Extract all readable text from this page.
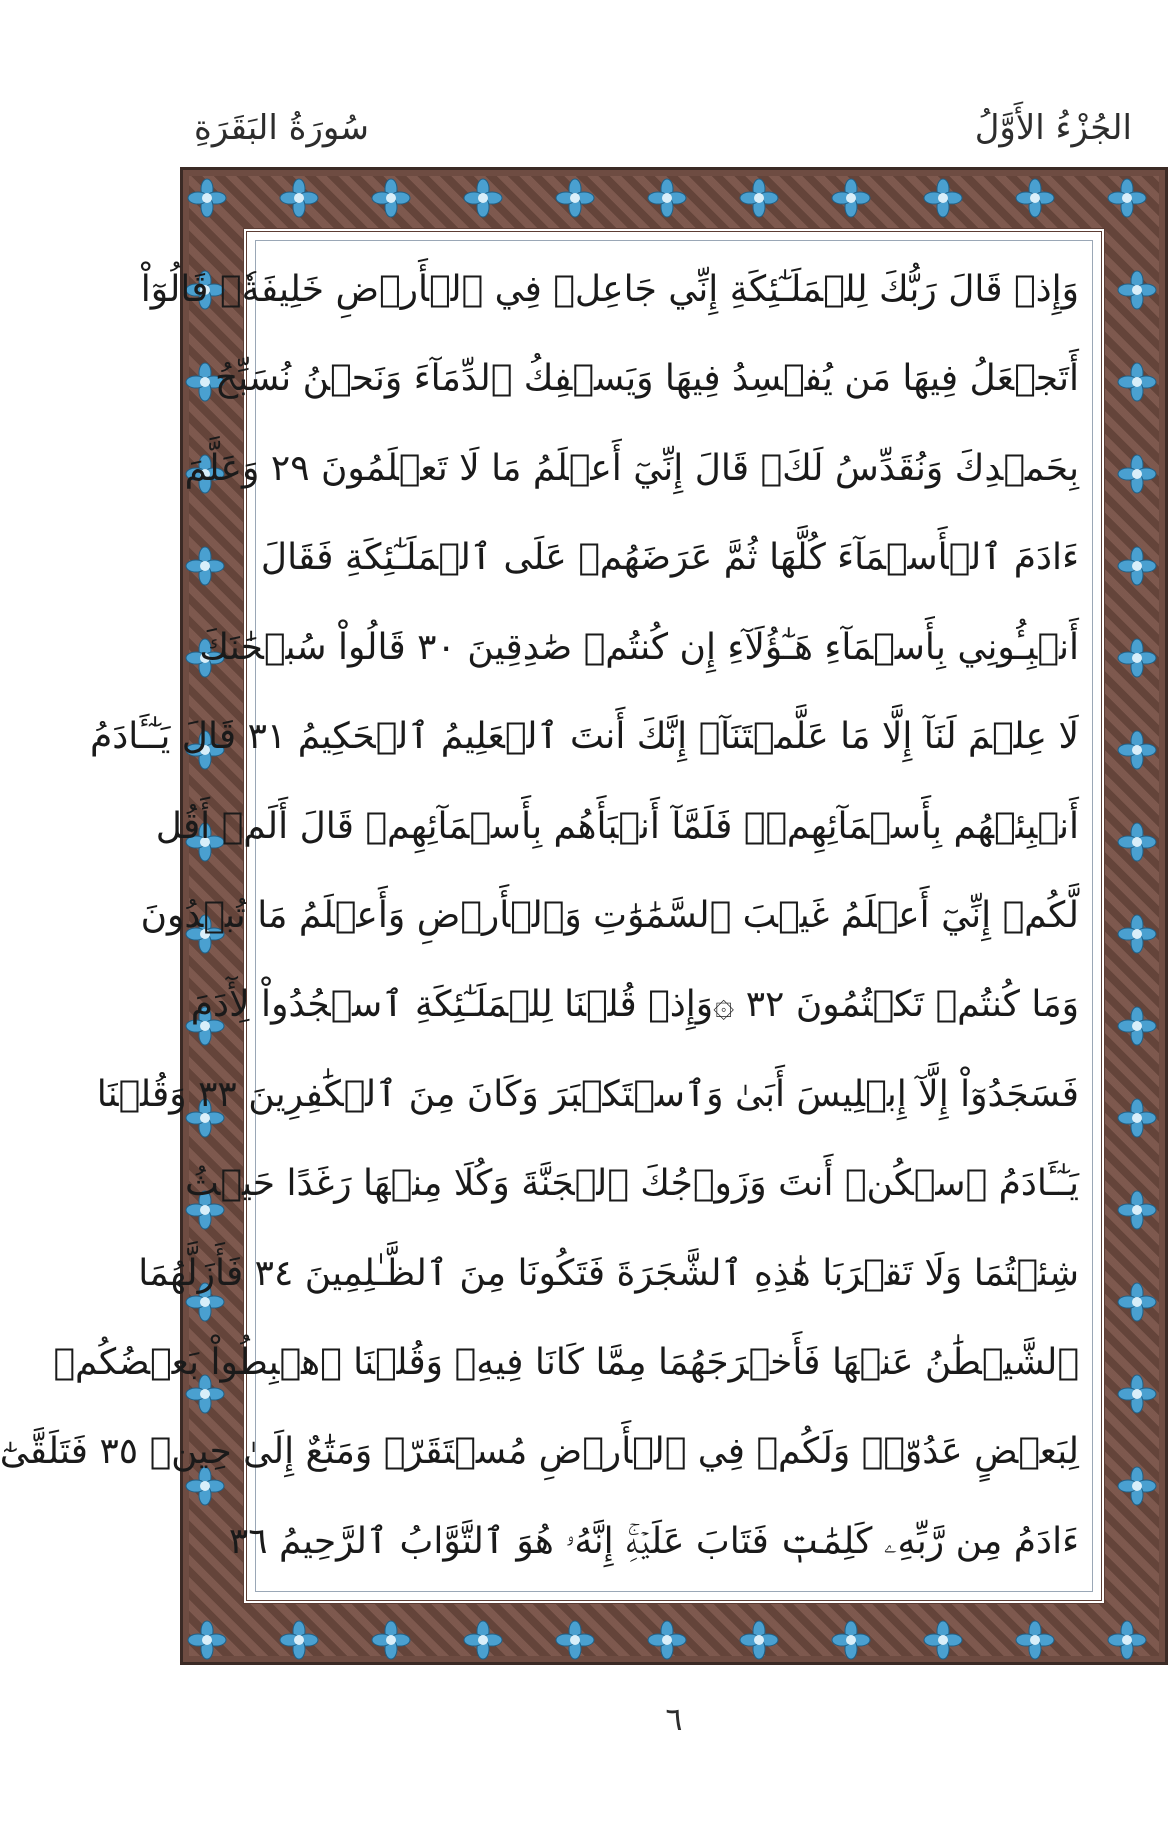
الجُزْءُ الأَوَّلُ
سُورَةُ البَقَرَةِ
وَإِذۡ قَالَ رَبُّكَ لِلۡمَلَـٰٓئِكَةِ إِنِّي جَاعِلٞ فِي ٱلۡأَرۡضِ خَلِيفَةٗۖ قَالُوٓاْ
أَتَجۡعَلُ فِيهَا مَن يُفۡسِدُ فِيهَا وَيَسۡفِكُ ٱلدِّمَآءَ وَنَحۡنُ نُسَبِّحُ
بِحَمۡدِكَ وَنُقَدِّسُ لَكَۖ قَالَ إِنِّيٓ أَعۡلَمُ مَا لَا تَعۡلَمُونَ ٢٩ وَعَلَّمَ
ءَادَمَ ٱلۡأَسۡمَآءَ كُلَّهَا ثُمَّ عَرَضَهُمۡ عَلَى ٱلۡمَلَـٰٓئِكَةِ فَقَالَ
أَنۢبِـُٔونِي بِأَسۡمَآءِ هَـٰٓؤُلَآءِ إِن كُنتُمۡ صَٰدِقِينَ ٣٠ قَالُواْ سُبۡحَٰنَكَ
لَا عِلۡمَ لَنَآ إِلَّا مَا عَلَّمۡتَنَآۖ إِنَّكَ أَنتَ ٱلۡعَلِيمُ ٱلۡحَكِيمُ ٣١ قَالَ يَـٰٓـَٔادَمُ
أَنۢبِئۡهُم بِأَسۡمَآئِهِمۡۖ فَلَمَّآ أَنۢبَأَهُم بِأَسۡمَآئِهِمۡ قَالَ أَلَمۡ أَقُل
لَّكُمۡ إِنِّيٓ أَعۡلَمُ غَيۡبَ ٱلسَّمَٰوَٰتِ وَٱلۡأَرۡضِ وَأَعۡلَمُ مَا تُبۡدُونَ
وَمَا كُنتُمۡ تَكۡتُمُونَ ٣٢ ۞وَإِذۡ قُلۡنَا لِلۡمَلَـٰٓئِكَةِ ٱسۡجُدُواْ لِأٓدَمَ
فَسَجَدُوٓاْ إِلَّآ إِبۡلِيسَ أَبَىٰ وَٱسۡتَكۡبَرَ وَكَانَ مِنَ ٱلۡكَٰفِرِينَ ٣٣ وَقُلۡنَا
يَـٰٓـَٔادَمُ ٱسۡكُنۡ أَنتَ وَزَوۡجُكَ ٱلۡجَنَّةَ وَكُلَا مِنۡهَا رَغَدًا حَيۡثُ
شِئۡتُمَا وَلَا تَقۡرَبَا هَٰذِهِ ٱلشَّجَرَةَ فَتَكُونَا مِنَ ٱلظَّـٰلِمِينَ ٣٤ فَأَزَلَّهُمَا
ٱلشَّيۡطَٰنُ عَنۡهَا فَأَخۡرَجَهُمَا مِمَّا كَانَا فِيهِۖ وَقُلۡنَا ٱهۡبِطُواْ بَعۡضُكُمۡ
لِبَعۡضٍ عَدُوّٞۖ وَلَكُمۡ فِي ٱلۡأَرۡضِ مُسۡتَقَرّٞ وَمَتَٰعٌ إِلَىٰ حِينٖ ٣٥ فَتَلَقَّىٰٓ
ءَادَمُ مِن رَّبِّهِۦ كَلِمَٰتٖ فَتَابَ عَلَيۡهِۚ إِنَّهُۥ هُوَ ٱلتَّوَّابُ ٱلرَّحِيمُ ٣٦
٦
